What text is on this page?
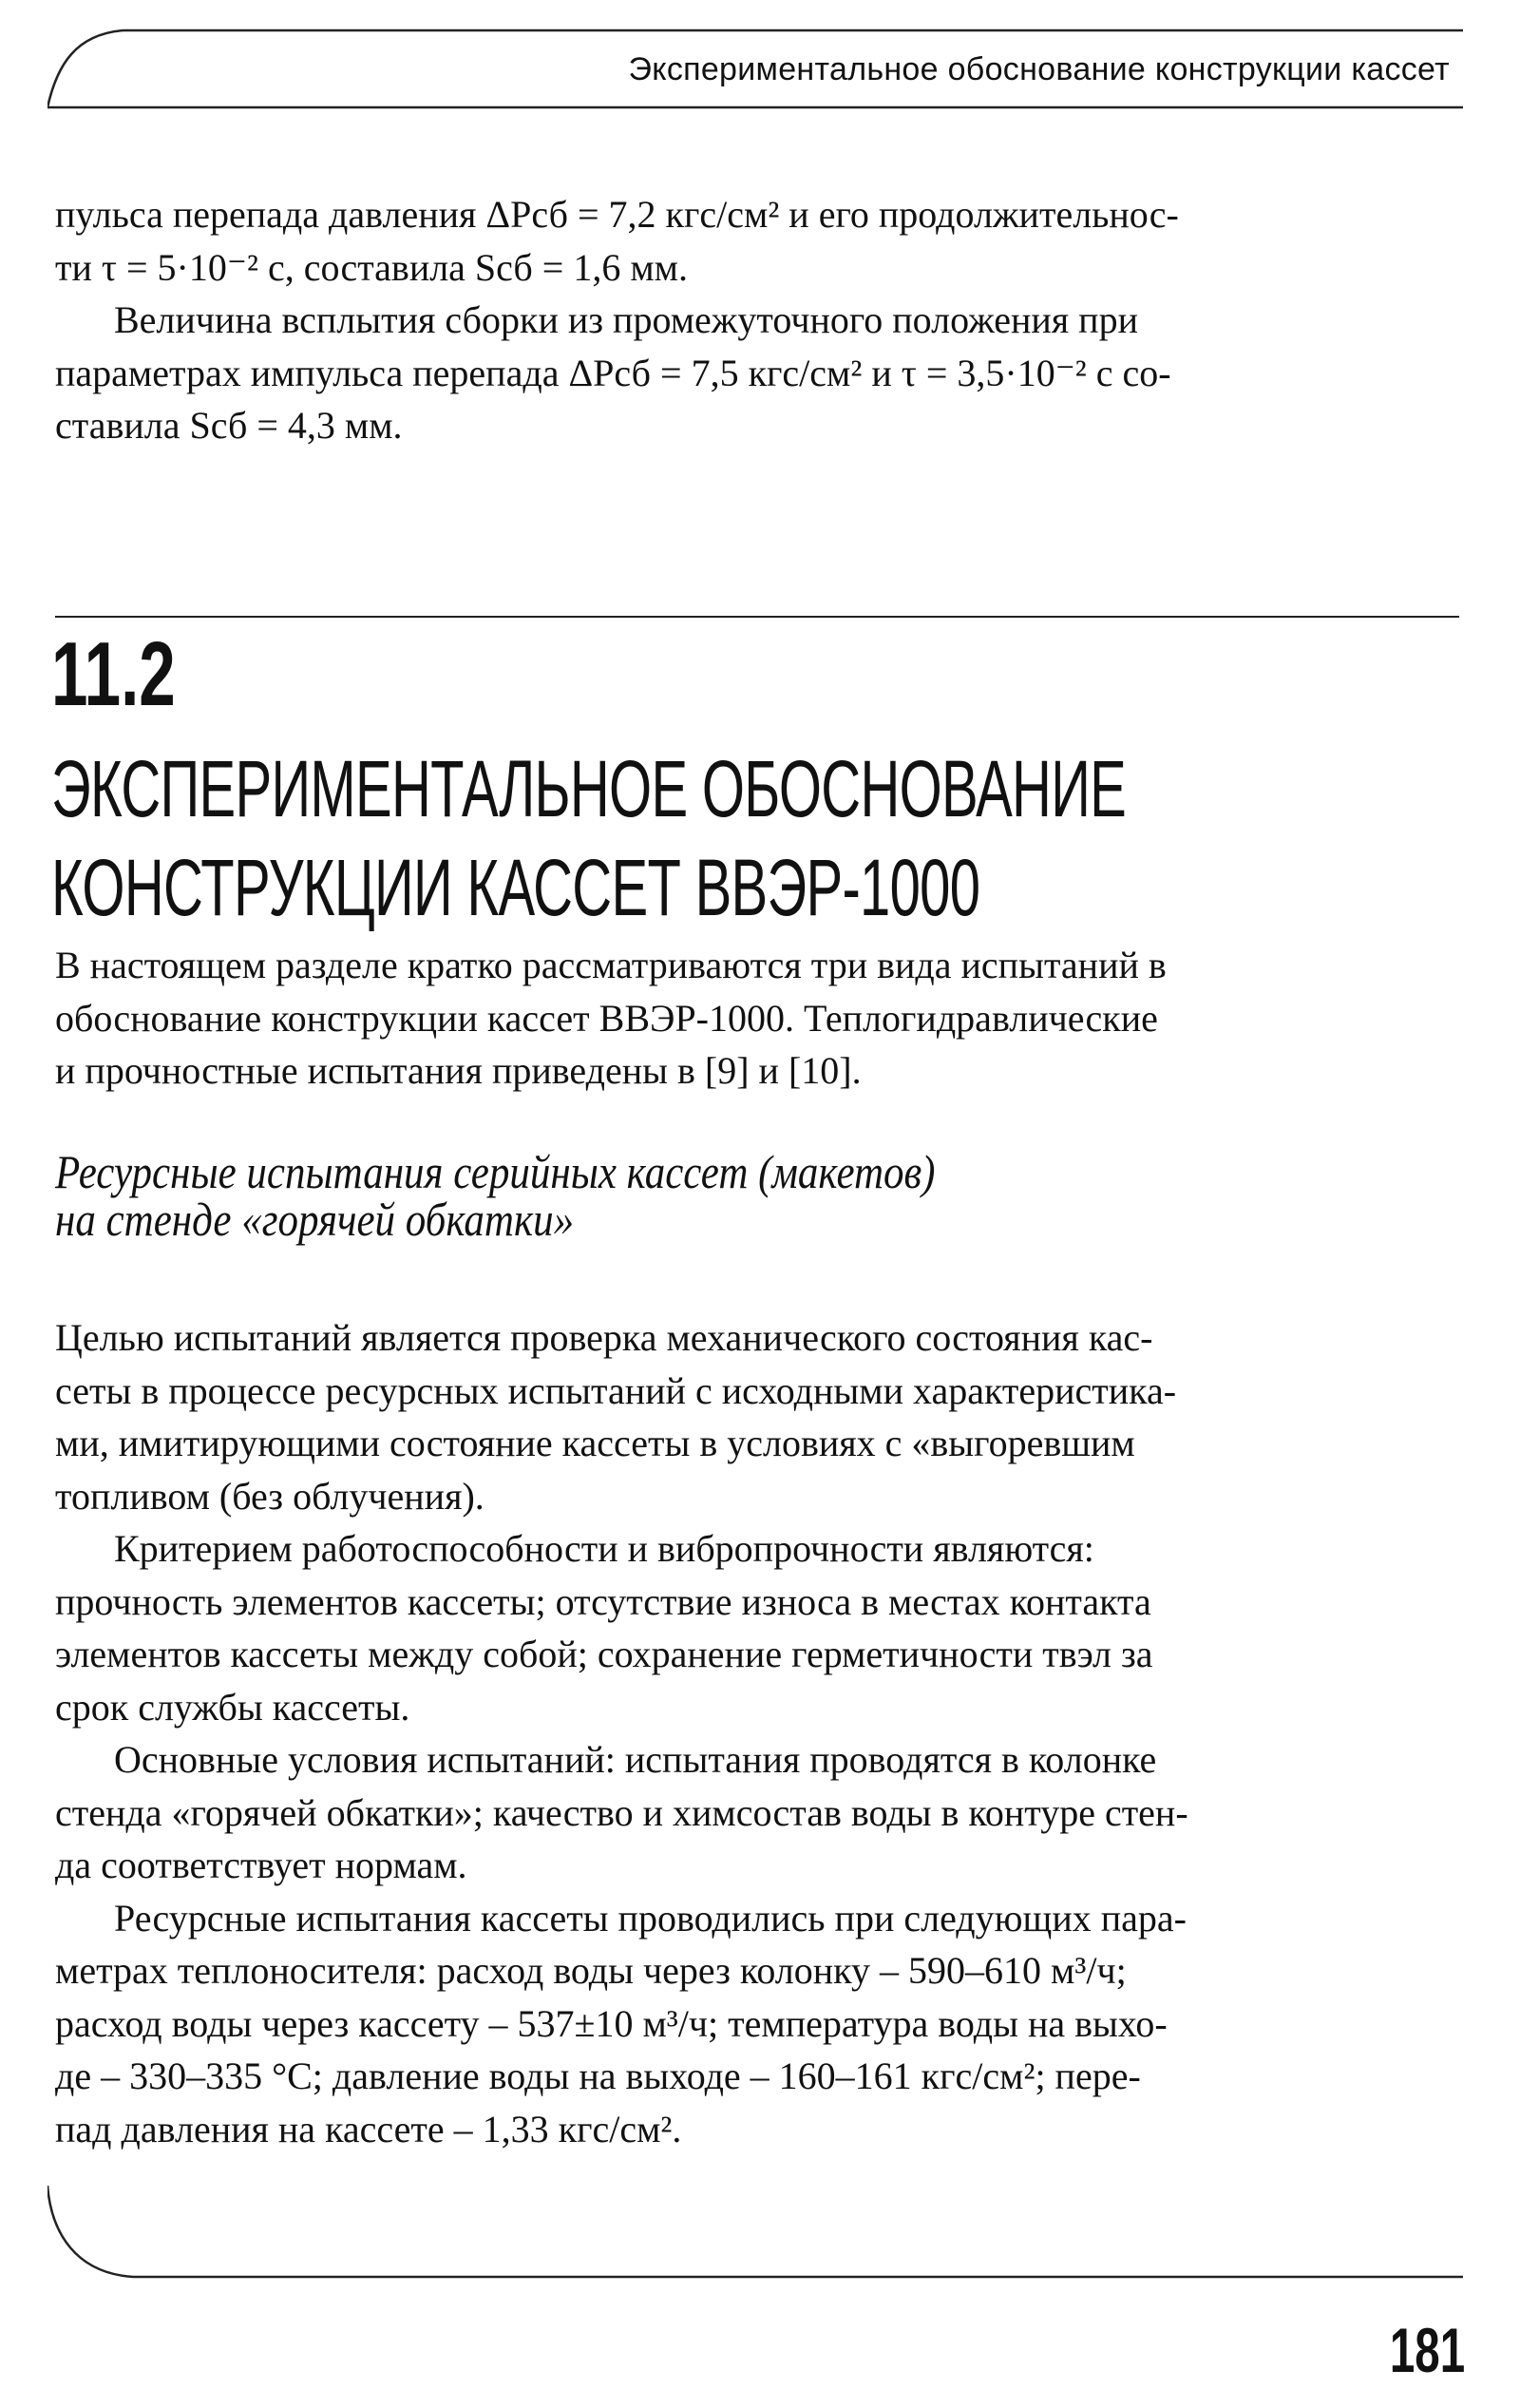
Экспериментальное обоснование конструкции кассет

пульса перепада давления ΔPсб = 7,2 кгс/см² и его продолжительнос-
ти τ = 5·10⁻² с, составила Sсб = 1,6 мм.

Величина всплытия сборки из промежуточного положения при
параметрах импульса перепада ΔPсб = 7,5 кгс/см² и τ = 3,5·10⁻² с со-
ставила Sсб = 4,3 мм.

11.2
ЭКСПЕРИМЕНТАЛЬНОЕ ОБОСНОВАНИЕ
КОНСТРУКЦИИ КАССЕТ ВВЭР-1000

В настоящем разделе кратко рассматриваются три вида испытаний в
обоснование конструкции кассет ВВЭР-1000. Теплогидравлические
и прочностные испытания приведены в [9] и [10].

Ресурсные испытания серийных кассет (макетов)
на стенде «горячей обкатки»

Целью испытаний является проверка механического состояния кас-
сеты в процессе ресурсных испытаний с исходными характеристика-
ми, имитирующими состояние кассеты в условиях с «выгоревшим
топливом (без облучения).

Критерием работоспособности и вибропрочности являются:
прочность элементов кассеты; отсутствие износа в местах контакта
элементов кассеты между собой; сохранение герметичности твэл за
срок службы кассеты.

Основные условия испытаний: испытания проводятся в колонке
стенда «горячей обкатки»; качество и химсостав воды в контуре стен-
да соответствует нормам.

Ресурсные испытания кассеты проводились при следующих пара-
метрах теплоносителя: расход воды через колонку – 590–610 м³/ч;
расход воды через кассету – 537±10 м³/ч; температура воды на выхо-
де – 330–335 °С; давление воды на выходе – 160–161 кгс/см²; пере-
пад давления на кассете – 1,33 кгс/см².

181
